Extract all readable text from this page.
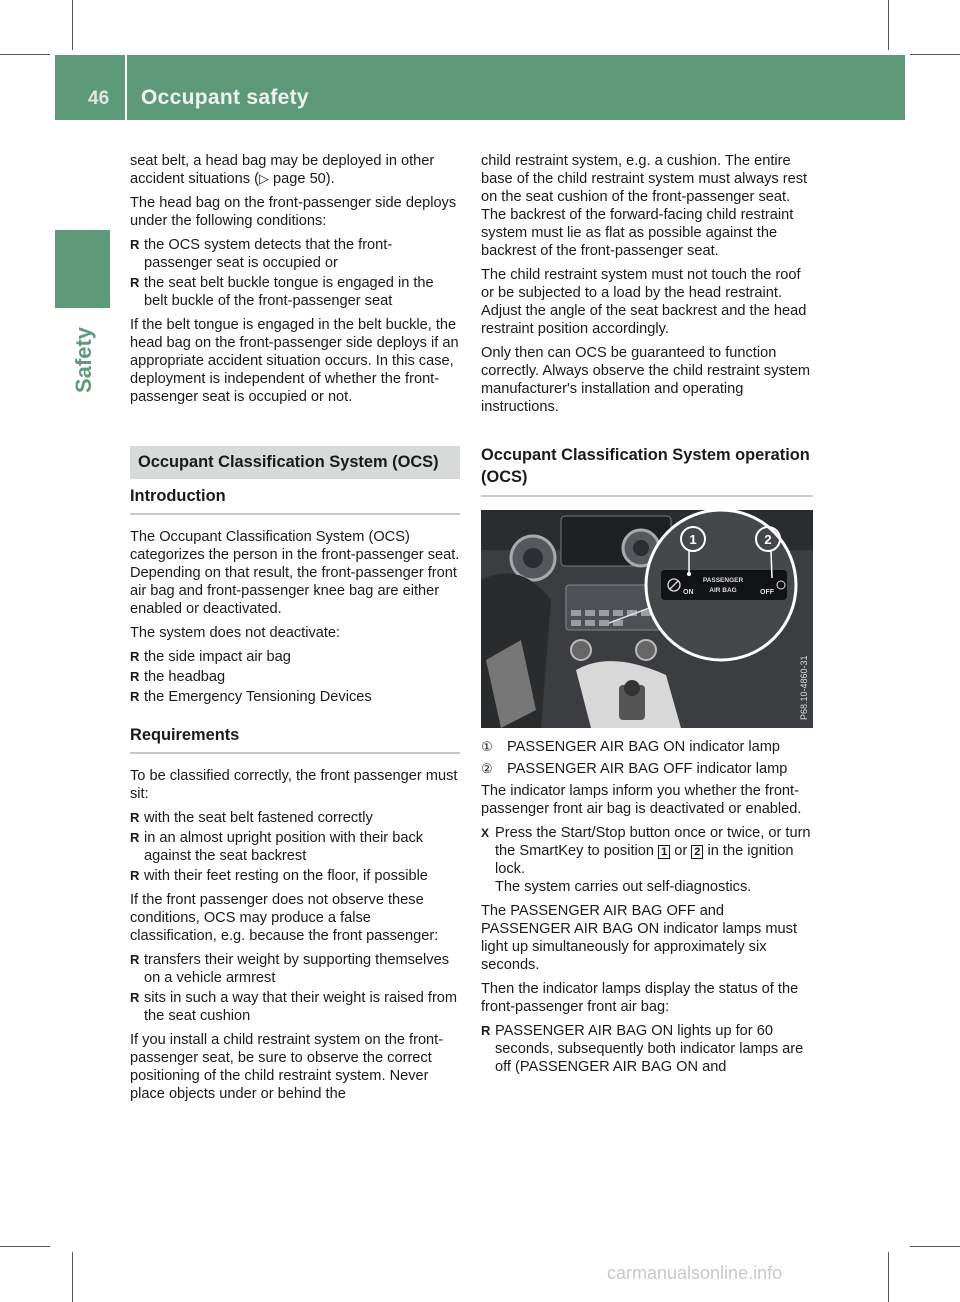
46 Occupant safety
Safety

seat belt, a head bag may be deployed in other accident situations (▷ page 50).

The head bag on the front-passenger side deploys under the following conditions:

R the OCS system detects that the front-passenger seat is occupied or
R the seat belt buckle tongue is engaged in the belt buckle of the front-passenger seat

If the belt tongue is engaged in the belt buckle, the head bag on the front-passenger side deploys if an appropriate accident situation occurs. In this case, deployment is independent of whether the front-passenger seat is occupied or not.

Occupant Classification System (OCS)
Introduction

The Occupant Classification System (OCS) categorizes the person in the front-passenger seat. Depending on that result, the front-passenger front air bag and front-passenger knee bag are either enabled or deactivated.

The system does not deactivate:

R the side impact air bag
R the headbag
R the Emergency Tensioning Devices
Requirements

To be classified correctly, the front passenger must sit:

R with the seat belt fastened correctly
R in an almost upright position with their back against the seat backrest
R with their feet resting on the floor, if possible

If the front passenger does not observe these conditions, OCS may produce a false classification, e.g. because the front passenger:

R transfers their weight by supporting themselves on a vehicle armrest
R sits in such a way that their weight is raised from the seat cushion

If you install a child restraint system on the front-passenger seat, be sure to observe the correct positioning of the child restraint system. Never place objects under or behind the

child restraint system, e.g. a cushion. The entire base of the child restraint system must always rest on the seat cushion of the front-passenger seat. The backrest of the forward-facing child restraint system must lie as flat as possible against the backrest of the front-passenger seat.

The child restraint system must not touch the roof or be subjected to a load by the head restraint. Adjust the angle of the seat backrest and the head restraint position accordingly.

Only then can OCS be guaranteed to function correctly. Always observe the child restraint system manufacturer's installation and operating instructions.

Occupant Classification System operation (OCS)
1	2
ON
PASSENGER
AIR BAG	OFF
P68.10-4860-31
① PASSENGER AIR BAG ON indicator lamp
② PASSENGER AIR BAG OFF indicator lamp

The indicator lamps inform you whether the front-passenger front air bag is deactivated or enabled.

X Press the Start/Stop button once or twice, or turn the SmartKey to position 1 or 2 in the ignition lock.
The system carries out self-diagnostics.

The PASSENGER AIR BAG OFF and PASSENGER AIR BAG ON indicator lamps must light up simultaneously for approximately six seconds.

Then the indicator lamps display the status of the front-passenger front air bag:

R PASSENGER AIR BAG ON lights up for 60 seconds, subsequently both indicator lamps are off (PASSENGER AIR BAG ON and
carmanualsonline.info
